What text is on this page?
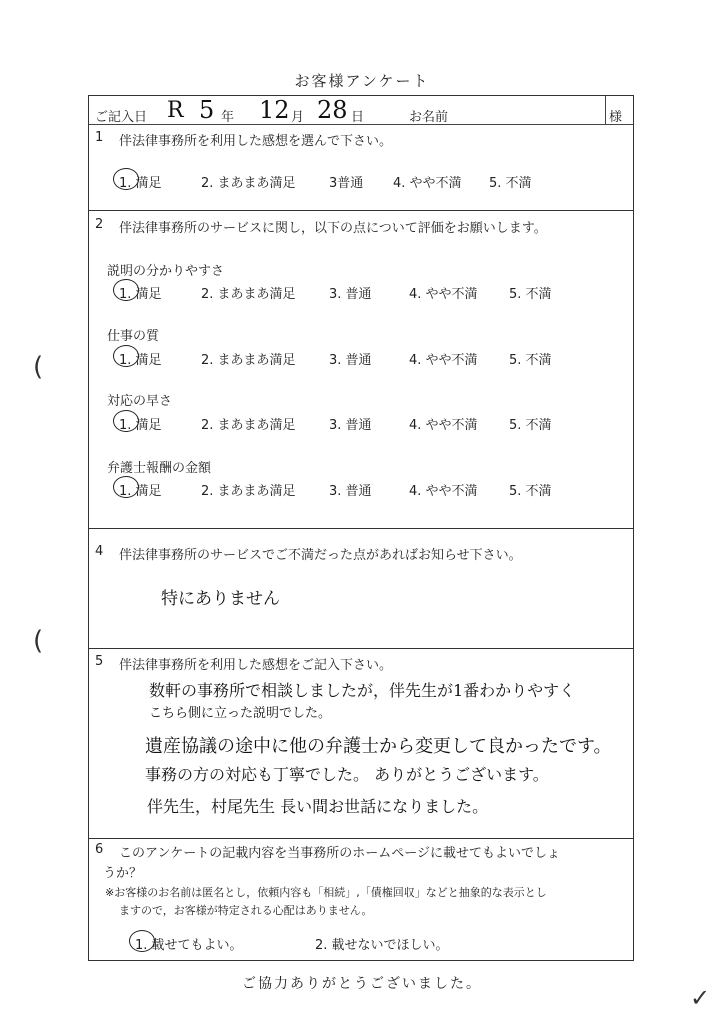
お客様アンケート
ご記入日 R 5 年 12 月 28 日	お名前	様
1 伴法律事務所を利用した感想を選んで下さい。
1. 満足	2. まあまあ満足	3普通 4. やや不満 5. 不満
2 伴法律事務所のサービスに関し，以下の点について評価をお願いします。
説明の分かりやすさ
1. 満足	2. まあまあ満足	3. 普通	4. やや不満 5. 不満
仕事の質
1. 満足	2. まあまあ満足	3. 普通	4. やや不満 5. 不満
対応の早さ
1. 満足	2. まあまあ満足	3. 普通	4. やや不満 5. 不満
弁護士報酬の金額
1. 満足	2. まあまあ満足	3. 普通	4. やや不満 5. 不満
4 伴法律事務所のサービスでご不満だった点があればお知らせ下さい。
特にありません
5 伴法律事務所を利用した感想をご記入下さい。
数軒の事務所で相談しましたが，伴先生が1番わかりやすく
こちら側に立った説明でした。
遺産協議の途中に他の弁護士から変更して良かったです。
事務の方の対応も丁寧でした。 ありがとうございます。
伴先生，村尾先生 長い間お世話になりました。
6 このアンケートの記載内容を当事務所のホームページに載せてもよいでしょ
うか？
※お客様のお名前は匿名とし，依頼内容も「相続」,「債権回収」などと抽象的な表示とし
ますので，お客様が特定される心配はありません。
1. 載せてもよい。	2. 載せないでほしい。
ご協力ありがとうございました。
(
(
✓
